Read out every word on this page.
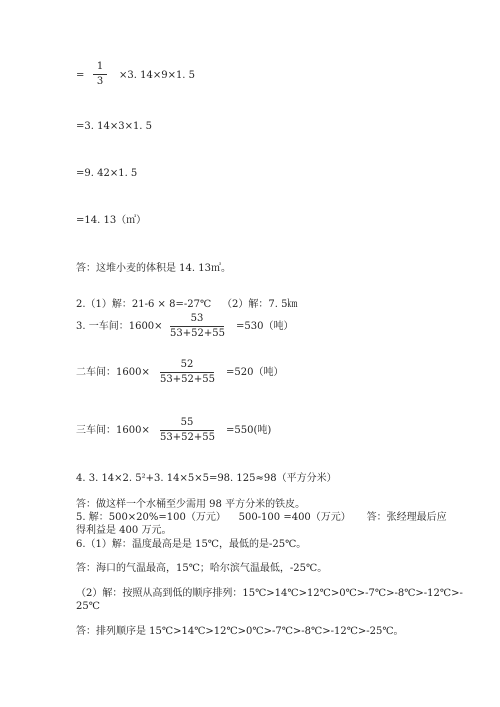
=
1
3
×3. 14×9×1. 5
=3. 14×3×1. 5
=9. 42×1. 5
=14. 13（㎥）
答：这堆小麦的体积是 14. 13㎥。
2.（1）解：21-6 × 8=-27℃ （2）解：7. 5㎞
3. 一车间：1600×
53
53+52+55
=530（吨）
二车间：1600×
52
53+52+55
=520（吨）
三车间：1600×
55
53+52+55
=550(吨)
4. 3. 14×2. 5²+3. 14×5×5=98. 125≈98（平方分米）
答：做这样一个水桶至少需用 98 平方分米的铁皮。
5. 解：500×20%=100（万元）    500-100 =400（万元）     答：张经理最后应
得利益是 400 万元。
6.（1）解：温度最高是是 15℃，最低的是-25℃。
答：海口的气温最高，15℃；哈尔滨气温最低，-25℃。
（2）解：按照从高到低的顺序排列：15℃>14℃>12℃>0℃>-7℃>-8℃>-12℃>-
25℃
答：排列顺序是 15℃>14℃>12℃>0℃>-7℃>-8℃>-12℃>-25℃。
